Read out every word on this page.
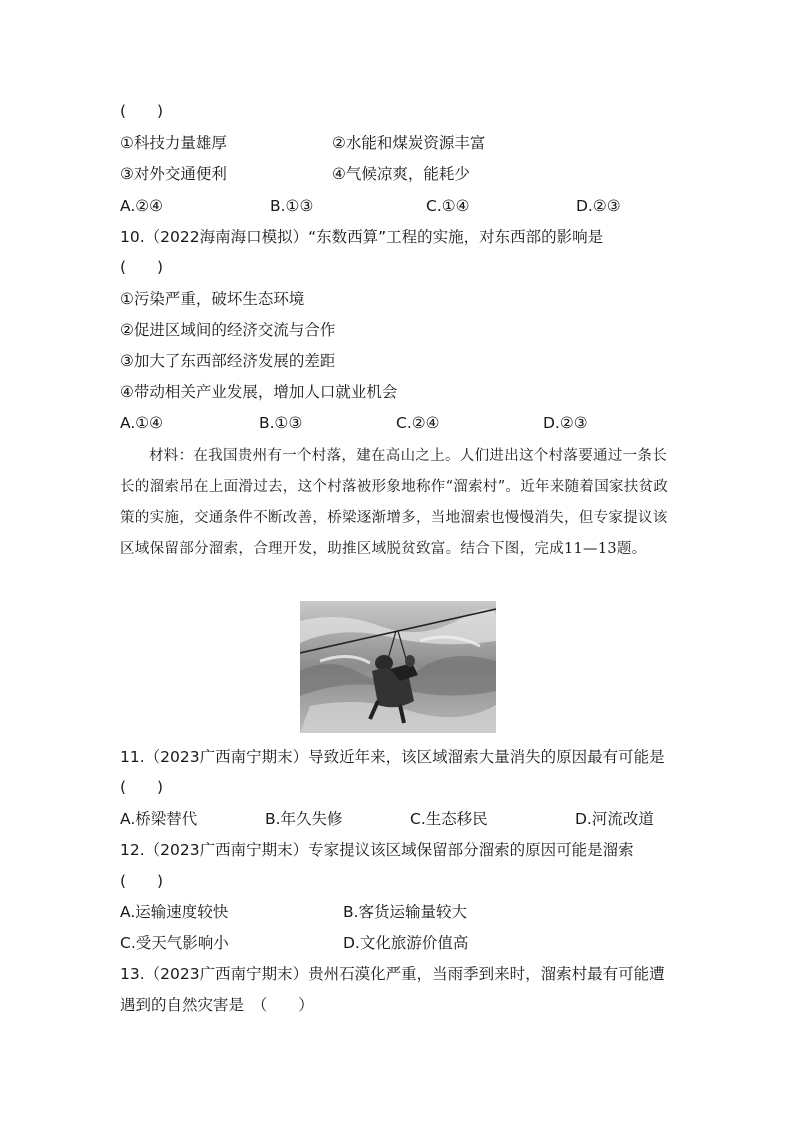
(　　)
①科技力量雄厚	②水能和煤炭资源丰富
③对外交通便利	④气候凉爽，能耗少
A.②④	B.①③	C.①④	D.②③
10.（2022海南海口模拟）“东数西算”工程的实施，对东西部的影响是
(　　)
①污染严重，破坏生态环境
②促进区域间的经济交流与合作
③加大了东西部经济发展的差距
④带动相关产业发展，增加人口就业机会
A.①④	B.①③	C.②④	D.②③

材料：在我国贵州有一个村落，建在高山之上。人们进出这个村落要通过一条长长的溜索吊在上面滑过去，这个村落被形象地称作“溜索村”。近年来随着国家扶贫政策的实施，交通条件不断改善，桥梁逐渐增多，当地溜索也慢慢消失，但专家提议该区域保留部分溜索，合理开发，助推区域脱贫致富。结合下图，完成11—13题。

11.（2023广西南宁期末）导致近年来，该区域溜索大量消失的原因最有可能是
(　　)
A.桥梁替代	B.年久失修	C.生态移民	D.河流改道
12.（2023广西南宁期末）专家提议该区域保留部分溜索的原因可能是溜索
(　　)
A.运输速度较快	B.客货运输量较大
C.受天气影响小	D.文化旅游价值高
13.（2023广西南宁期末）贵州石漠化严重，当雨季到来时，溜索村最有可能遭
遇到的自然灾害是　（　　）
